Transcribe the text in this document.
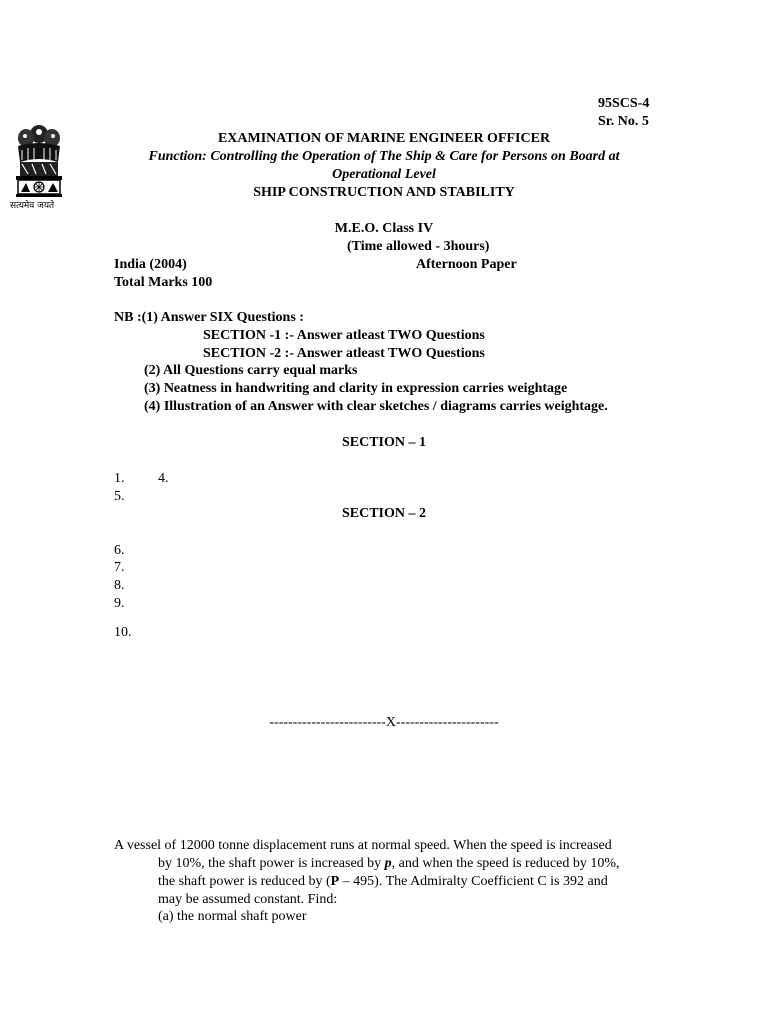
सत्यमेव जयते
95SCS-4
Sr. No. 5
EXAMINATION OF MARINE ENGINEER OFFICER
Function: Controlling the Operation of The Ship & Care for Persons on Board at
Operational Level
SHIP CONSTRUCTION AND STABILITY
M.E.O. Class IV
(Time allowed - 3hours)
India (2004)	Afternoon Paper
Total Marks 100
NB :(1) Answer SIX Questions :
SECTION -1 :- Answer atleast TWO Questions
SECTION -2 :- Answer atleast TWO Questions
(2) All Questions carry equal marks
(3) Neatness in handwriting and clarity in expression carries weightage
(4) Illustration of an Answer with clear sketches / diagrams carries weightage.
SECTION – 1
1. 4.
5.
SECTION – 2
6.
7.
8.
9.
10.
-------------------------X----------------------
A vessel of 12000 tonne displacement runs at normal speed. When the speed is increased
by 10%, the shaft power is increased by p, and when the speed is reduced by 10%,
the shaft power is reduced by (P – 495). The Admiralty Coefficient C is 392 and
may be assumed constant. Find:
(a) the normal shaft power
